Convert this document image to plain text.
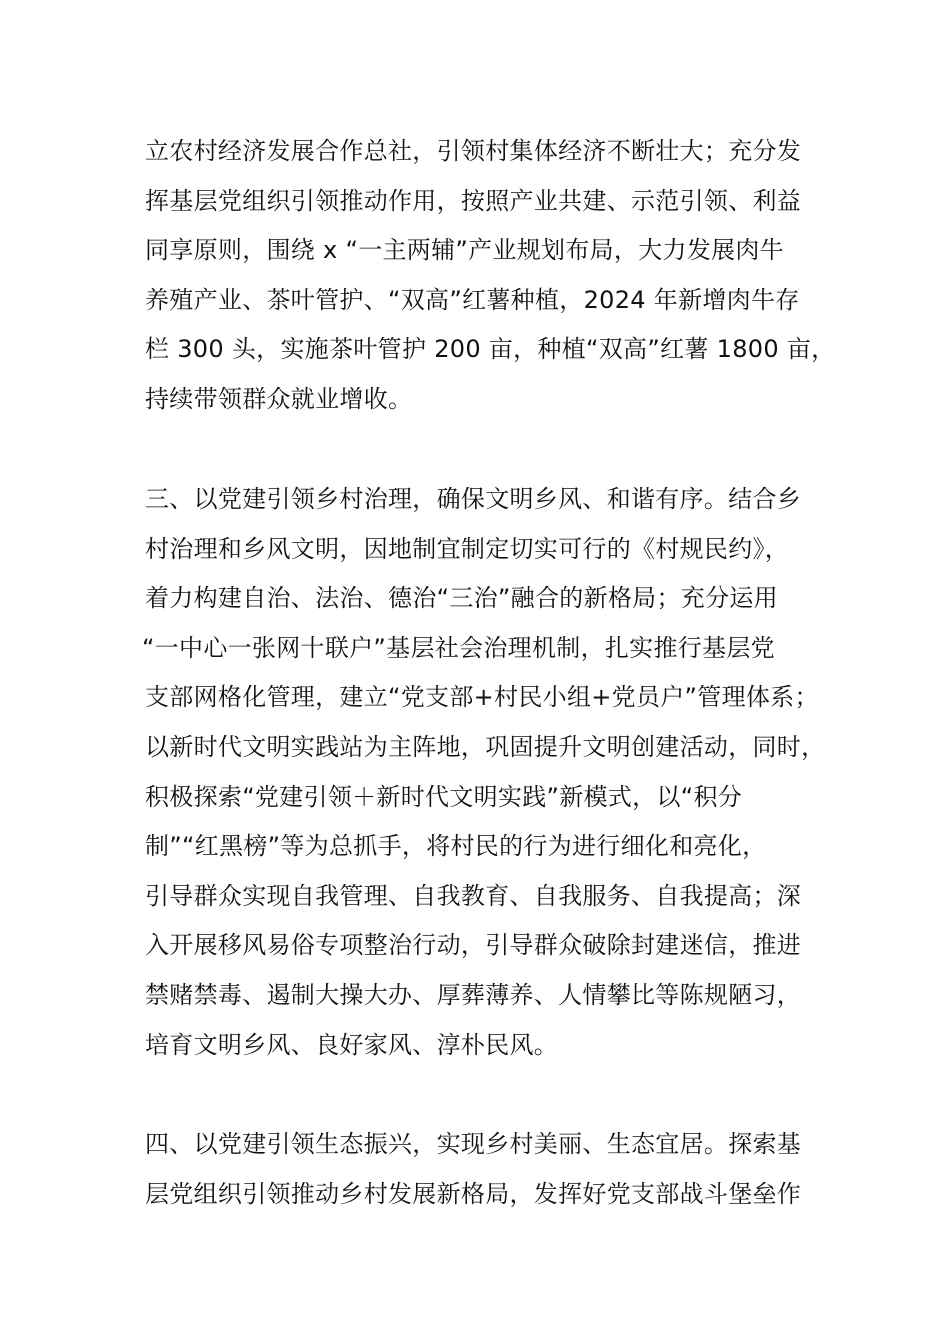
立农村经济发展合作总社，引领村集体经济不断壮大；充分发
挥基层党组织引领推动作用，按照产业共建、示范引领、利益
同享原则，围绕 x “一主两辅”产业规划布局，大力发展肉牛
养殖产业、茶叶管护、“双高”红薯种植，2024 年新增肉牛存
栏 300 头，实施茶叶管护 200 亩，种植“双高”红薯 1800 亩，
持续带领群众就业增收。
三、以党建引领乡村治理，确保文明乡风、和谐有序。结合乡
村治理和乡风文明，因地制宜制定切实可行的《村规民约》，
着力构建自治、法治、德治“三治”融合的新格局；充分运用
“一中心一张网十联户”基层社会治理机制，扎实推行基层党
支部网格化管理，建立“党支部+村民小组+党员户”管理体系；
以新时代文明实践站为主阵地，巩固提升文明创建活动，同时，
积极探索“党建引领＋新时代文明实践”新模式，以“积分
制”“红黑榜”等为总抓手，将村民的行为进行细化和亮化，
引导群众实现自我管理、自我教育、自我服务、自我提高；深
入开展移风易俗专项整治行动，引导群众破除封建迷信，推进
禁赌禁毒、遏制大操大办、厚葬薄养、人情攀比等陈规陋习，
培育文明乡风、良好家风、淳朴民风。
四、以党建引领生态振兴，实现乡村美丽、生态宜居。探索基
层党组织引领推动乡村发展新格局，发挥好党支部战斗堡垒作
